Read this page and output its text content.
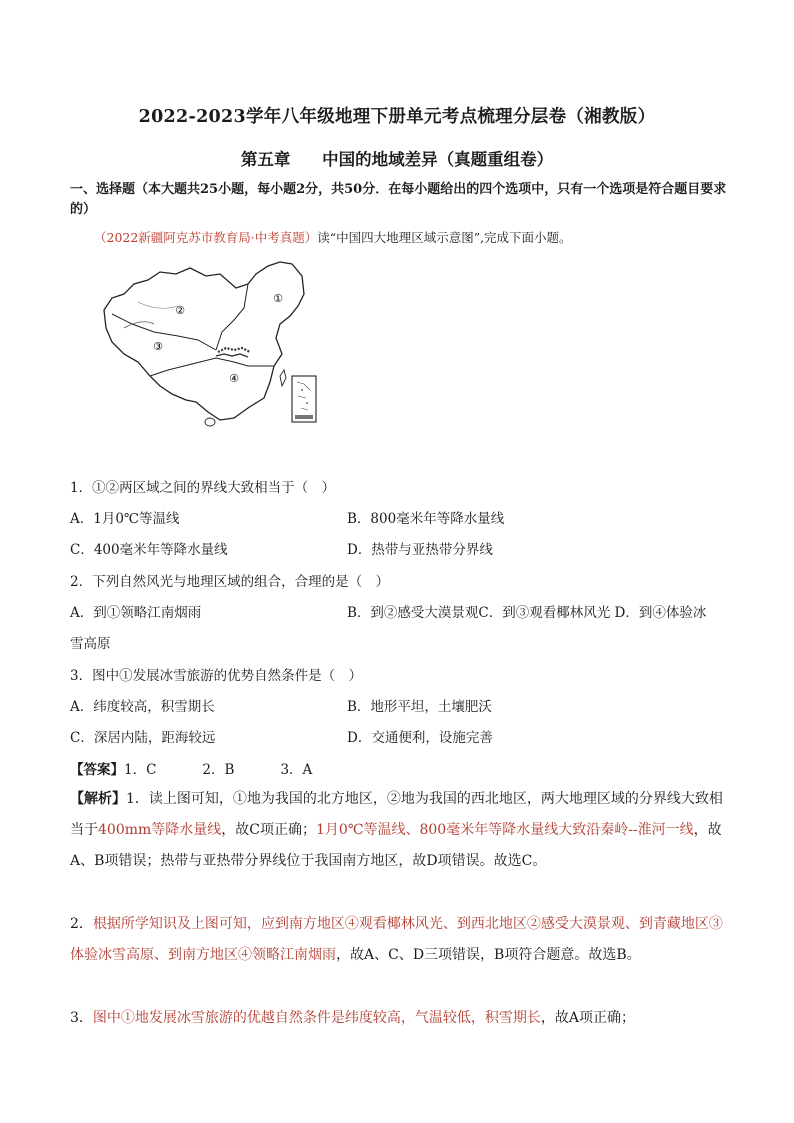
2022-2023学年八年级地理下册单元考点梳理分层卷（湘教版）
第五章 中国的地域差异（真题重组卷）
一、选择题（本大题共25小题，每小题2分，共50分．在每小题给出的四个选项中，只有一个选项是符合题目要求的）
（2022新疆阿克苏市教育局·中考真题）读“中国四大地理区域示意图”,完成下面小题。
①
②
③
④
1．①②两区域之间的界线大致相当于（　）
A．1月0℃等温线	B．800毫米年等降水量线
C．400毫米年等降水量线	D．热带与亚热带分界线
2．下列自然风光与地理区域的组合，合理的是（　）
A．到①领略江南烟雨	B．到②感受大漠景观C．到③观看椰林风光 D．到④体验冰
雪高原
3．图中①发展冰雪旅游的优势自然条件是（　）
A．纬度较高，积雪期长	B．地形平坦，土壤肥沃
C．深居内陆，距海较远	D．交通便利，设施完善
【答案】1．C	2．B	3．A
【解析】1．读上图可知，①地为我国的北方地区，②地为我国的西北地区，两大地理区域的分界线大致相当于400mm等降水量线，故C项正确；1月0℃等温线、800毫米年等降水量线大致沿秦岭--淮河一线，故A、B项错误；热带与亚热带分界线位于我国南方地区，故D项错误。故选C。
2．根据所学知识及上图可知，应到南方地区④观看椰林风光、到西北地区②感受大漠景观、到青藏地区③体验冰雪高原、到南方地区④领略江南烟雨，故A、C、D三项错误，B项符合题意。故选B。
3．图中①地发展冰雪旅游的优越自然条件是纬度较高，气温较低，积雪期长，故A项正确；
